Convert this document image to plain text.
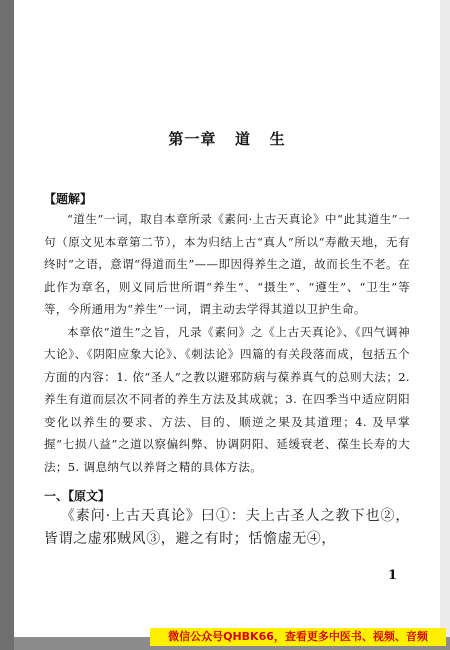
第一章   道   生
【题解】

“道生”一词，取自本章所录《素问·上古天真论》中“此其道生”一句（原文见本章第二节），本为归结上古“真人”所以“寿敝天地，无有终时”之语，意谓“得道而生”——即因得养生之道，故而长生不老。在此作为章名，则义同后世所谓“养生”、“摄生”、“遵生”、“卫生”等等，今所通用为“养生”一词，谓主动去学得其道以卫护生命。

本章依“道生”之旨，凡录《素问》之《上古天真论》、《四气调神大论》、《阴阳应象大论》、《刺法论》四篇的有关段落而成，包括五个方面的内容：1. 依“圣人”之教以避邪防病与葆养真气的总则大法；2. 养生有道而层次不同者的养生方法及其成就；3. 在四季当中适应阴阳变化以养生的要求、方法、目的、顺逆之果及其道理；4. 及早掌握“七损八益”之道以察偏纠弊、协调阴阳、延缓衰老、葆生长寿的大法；5. 调息纳气以养肾之精的具体方法。

一、【原文】

《素问·上古天真论》曰①：夫上古圣人之教下也②，皆谓之虚邪贼风③，避之有时；恬憺虚无④，

1
微信公众号QHBK66，查看更多中医书、视频、音频
